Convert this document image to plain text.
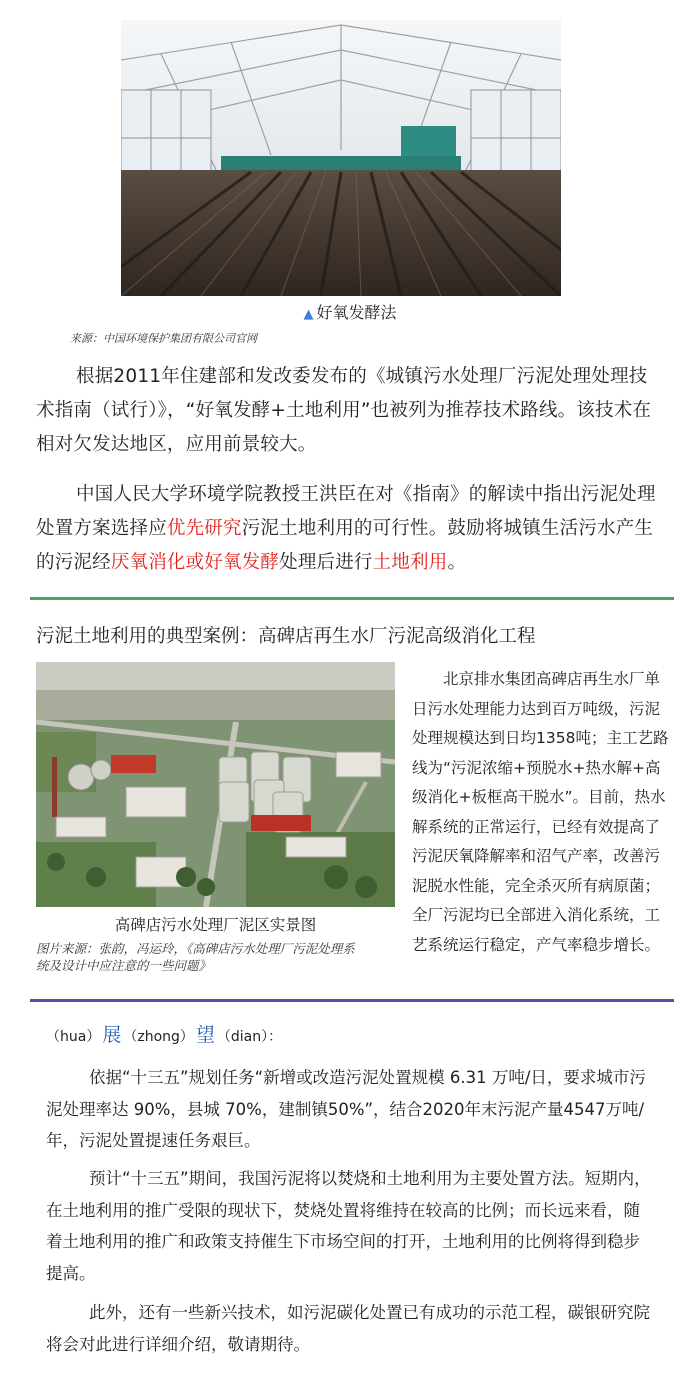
▲ 好氧发酵法
来源：中国环境保护集团有限公司官网
根据2011年住建部和发改委发布的《城镇污水处理厂污泥处理处理技术指南（试行）》，“好氧发酵+土地利用”也被列为推荐技术路线。该技术在相对欠发达地区，应用前景较大。
中国人民大学环境学院教授王洪臣在对《指南》的解读中指出污泥处理处置方案选择应优先研究污泥土地利用的可行性。鼓励将城镇生活污水产生的污泥经厌氧消化或好氧发酵处理后进行土地利用。
污泥土地利用的典型案例：高碑店再生水厂污泥高级消化工程
高碑店污水处理厂泥区实景图
图片来源：张韵，冯运玲，《高碑店污水处理厂污泥处理系统及设计中应注意的一些问题》
北京排水集团高碑店再生水厂单日污水处理能力达到百万吨级，污泥处理规模达到日均1358吨；主工艺路线为“污泥浓缩+预脱水+热水解+高级消化+板框高干脱水”。目前，热水解系统的正常运行，已经有效提高了污泥厌氧降解率和沼气产率，改善污泥脱水性能，完全杀灭所有病原菌；全厂污泥均已全部进入消化系统，工艺系统运行稳定，产气率稳步增长。
（hua） 展 （zhong） 望 （dian）：
依据“十三五”规划任务“新增或改造污泥处置规模 6.31 万吨/日，要求城市污泥处理率达 90%，县城 70%，建制镇50%”，结合2020年末污泥产量4547万吨/年，污泥处置提速任务艰巨。
预计“十三五”期间，我国污泥将以焚烧和土地利用为主要处置方法。短期内，在土地利用的推广受限的现状下，焚烧处置将维持在较高的比例；而长远来看，随着土地利用的推广和政策支持催生下市场空间的打开，土地利用的比例将得到稳步提高。
此外，还有一些新兴技术，如污泥碳化处置已有成功的示范工程，碳银研究院将会对此进行详细介绍，敬请期待。
